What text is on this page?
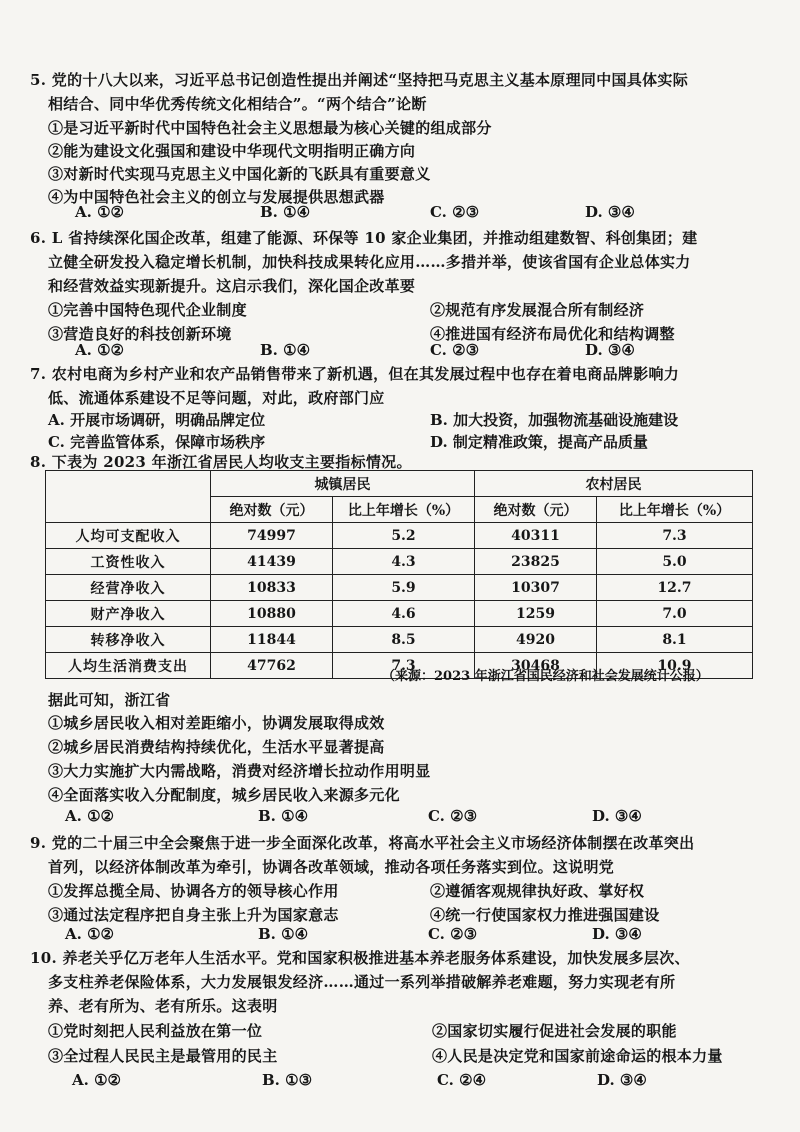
5. 党的十八大以来，习近平总书记创造性提出并阐述“坚持把马克思主义基本原理同中国具体实际
相结合、同中华优秀传统文化相结合”。“两个结合”论断
①是习近平新时代中国特色社会主义思想最为核心关键的组成部分
②能为建设文化强国和建设中华现代文明指明正确方向
③对新时代实现马克思主义中国化新的飞跃具有重要意义
④为中国特色社会主义的创立与发展提供思想武器
A. ①②	B. ①④	C. ②③	D. ③④
6. L 省持续深化国企改革，组建了能源、环保等 10 家企业集团，并推动组建数智、科创集团；建
立健全研发投入稳定增长机制，加快科技成果转化应用……多措并举，使该省国有企业总体实力
和经营效益实现新提升。这启示我们，深化国企改革要
①完善中国特色现代企业制度	②规范有序发展混合所有制经济
③营造良好的科技创新环境	④推进国有经济布局优化和结构调整
A. ①②	B. ①④	C. ②③	D. ③④
7. 农村电商为乡村产业和农产品销售带来了新机遇，但在其发展过程中也存在着电商品牌影响力
低、流通体系建设不足等问题，对此，政府部门应
A. 开展市场调研，明确品牌定位	B. 加大投资，加强物流基础设施建设
C. 完善监管体系，保障市场秩序	D. 制定精准政策，提高产品质量
8. 下表为 2023 年浙江省居民人均收支主要指标情况。
	城镇居民		农村居民	
	绝对数（元）	比上年增长（%）	绝对数（元）	比上年增长（%）
人均可支配收入	74997	5.2	40311	7.3
工资性收入	41439	4.3	23825	5.0
经营净收入	10833	5.9	10307	12.7
财产净收入	10880	4.6	1259	7.0
转移净收入	11844	8.5	4920	8.1
人均生活消费支出	47762	7.3	30468	10.9
（来源：2023 年浙江省国民经济和社会发展统计公报）
据此可知，浙江省
①城乡居民收入相对差距缩小，协调发展取得成效
②城乡居民消费结构持续优化，生活水平显著提高
③大力实施扩大内需战略，消费对经济增长拉动作用明显
④全面落实收入分配制度，城乡居民收入来源多元化
A. ①②	B. ①④	C. ②③	D. ③④
9. 党的二十届三中全会聚焦于进一步全面深化改革，将高水平社会主义市场经济体制摆在改革突出
首列，以经济体制改革为牵引，协调各改革领域，推动各项任务落实到位。这说明党
①发挥总揽全局、协调各方的领导核心作用	②遵循客观规律执好政、掌好权
③通过法定程序把自身主张上升为国家意志	④统一行使国家权力推进强国建设
A. ①②	B. ①④	C. ②③	D. ③④
10. 养老关乎亿万老年人生活水平。党和国家积极推进基本养老服务体系建设，加快发展多层次、
多支柱养老保险体系，大力发展银发经济……通过一系列举措破解养老难题，努力实现老有所
养、老有所为、老有所乐。这表明
①党时刻把人民利益放在第一位	②国家切实履行促进社会发展的职能
③全过程人民民主是最管用的民主	④人民是决定党和国家前途命运的根本力量
A. ①②	B. ①③	C. ②④	D. ③④
